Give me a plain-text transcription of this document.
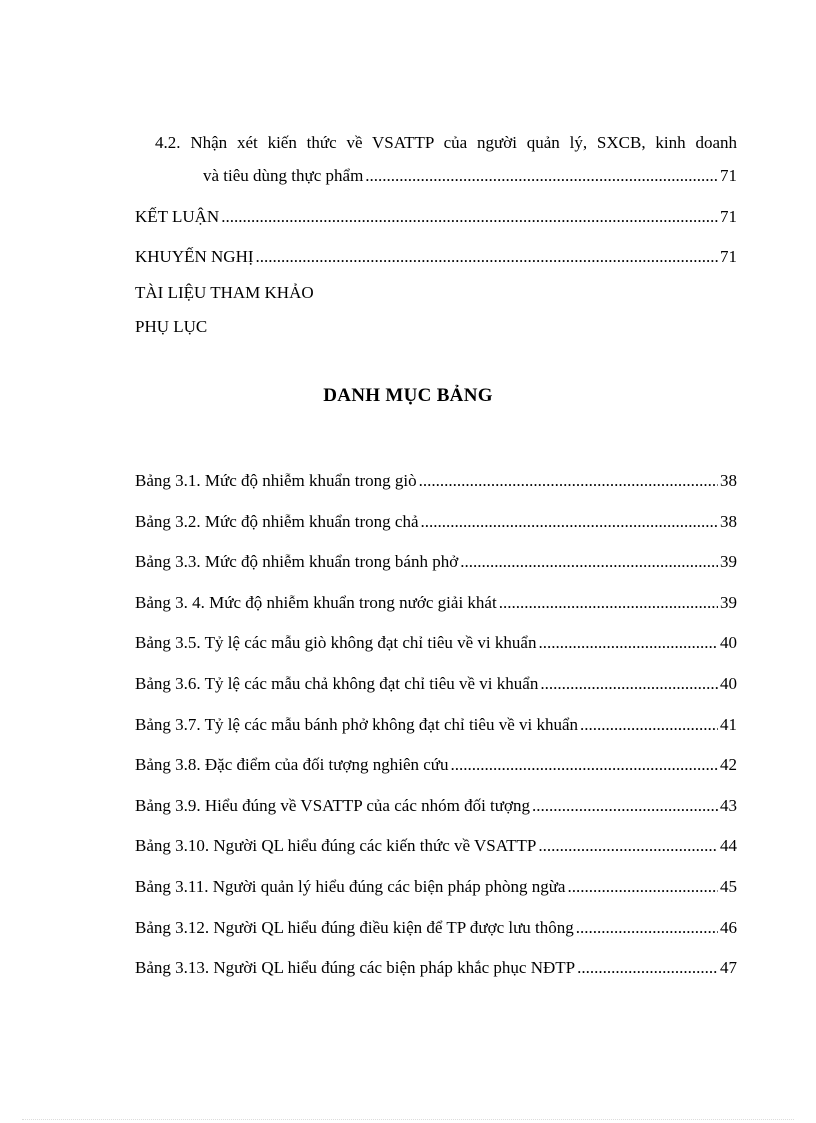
4.2. Nhận xét kiến thức về VSATTP của người quản lý, SXCB, kinh doanh
và tiêu dùng thực phẩm .....	71
KẾT LUẬN .....	71
KHUYẾN NGHỊ .....	71
TÀI LIỆU THAM KHẢO
PHỤ LỤC
DANH MỤC BẢNG
Bảng 3.1. Mức độ nhiễm khuẩn trong giò .....	38
Bảng 3.2. Mức độ nhiễm khuẩn trong chả .....	38
Bảng 3.3. Mức độ nhiễm khuẩn trong bánh phở .....	39
Bảng 3. 4. Mức độ nhiễm khuẩn trong nước giải khát .....	39
Bảng 3.5. Tỷ lệ các mẫu giò không đạt chỉ tiêu về vi khuẩn .....	40
Bảng 3.6. Tỷ lệ các mẫu chả không đạt chỉ tiêu về vi khuẩn .....	40
Bảng 3.7. Tỷ lệ các mẫu bánh phở không đạt chỉ tiêu về vi khuẩn .....	41
Bảng 3.8. Đặc điểm của đối tượng nghiên cứu .....	42
Bảng 3.9. Hiểu đúng về VSATTP của các nhóm đối tượng .....	43
Bảng 3.10. Người QL hiểu đúng các kiến thức về VSATTP .....	44
Bảng 3.11. Người quản lý hiểu đúng các biện pháp phòng ngừa .....	45
Bảng 3.12. Người QL hiểu đúng điều kiện để TP được lưu thông .....	46
Bảng 3.13. Người QL hiểu đúng các biện pháp khắc phục NĐTP .....	47
